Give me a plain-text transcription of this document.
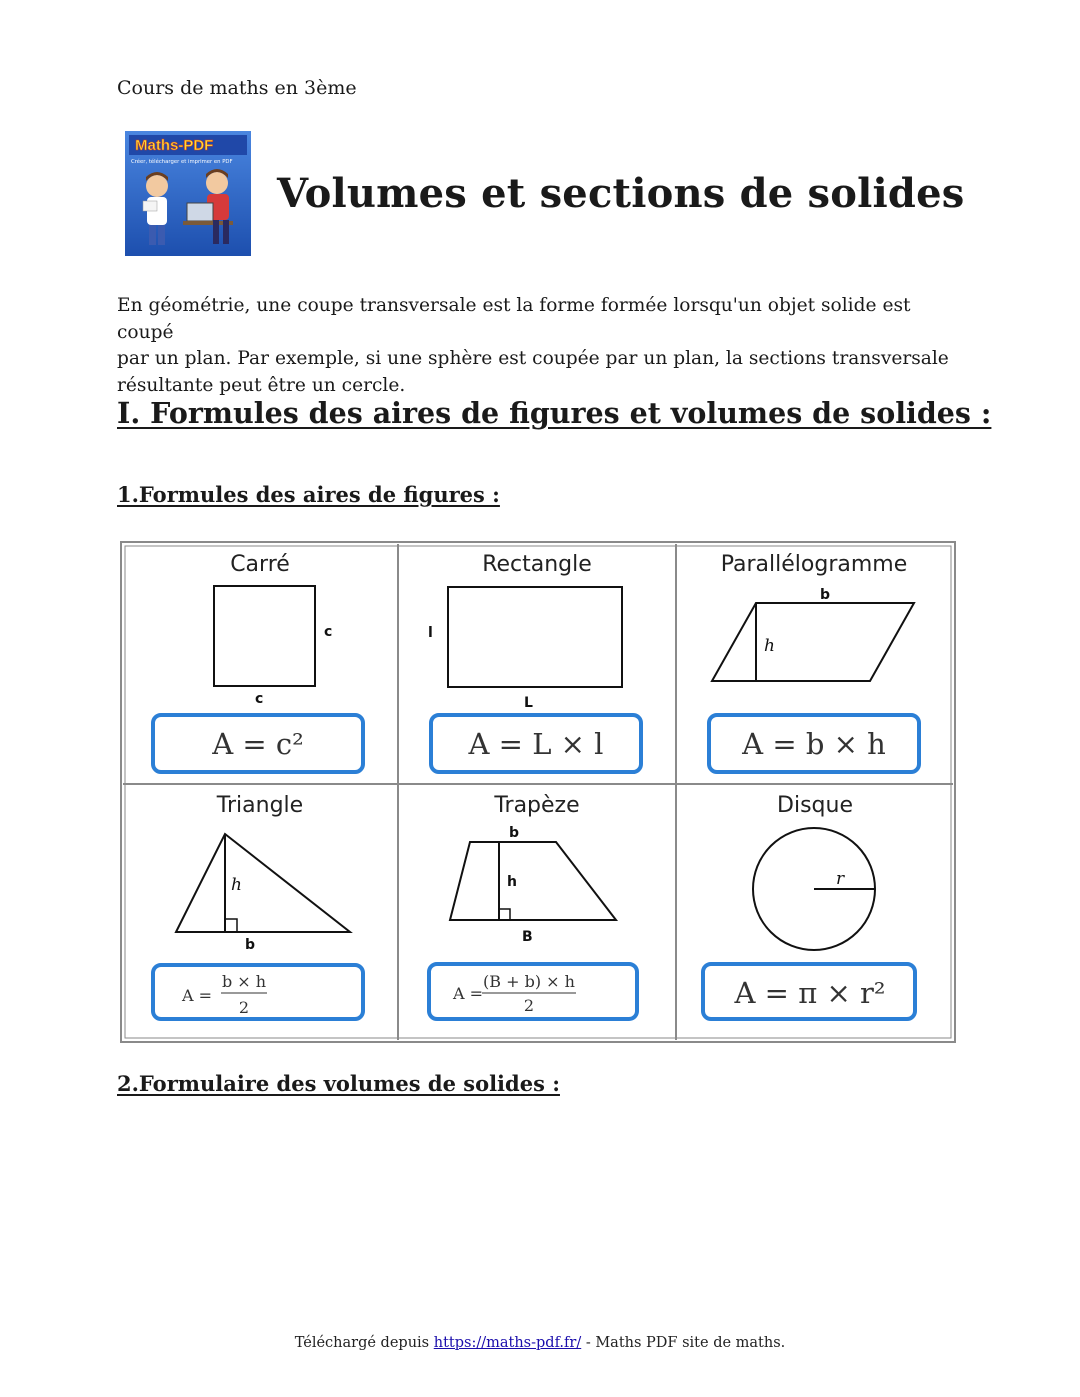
Cours de maths en 3ème
Maths-PDF
Créer, télécharger et imprimer en PDF
Volumes et sections de solides
En géométrie, une coupe transversale est la forme formée lorsqu'un objet solide est coupé
par un plan. Par exemple, si une sphère est coupée par un plan, la sections transversale
résultante peut être un cercle.
I. Formules des aires de figures et volumes de solides :
1.Formules des aires de figures :
Carré
c
c
A = c²
Rectangle
l
L
A = L × l
Parallélogramme
b
h
A = b × h
Triangle
h
b
A =
b × h
2
Trapèze
b
h
B
A =
(B + b) × h
2
Disque
r
A = π × r²
2.Formulaire des volumes de solides :
Téléchargé depuis https://maths-pdf.fr/ - Maths PDF site de maths.
